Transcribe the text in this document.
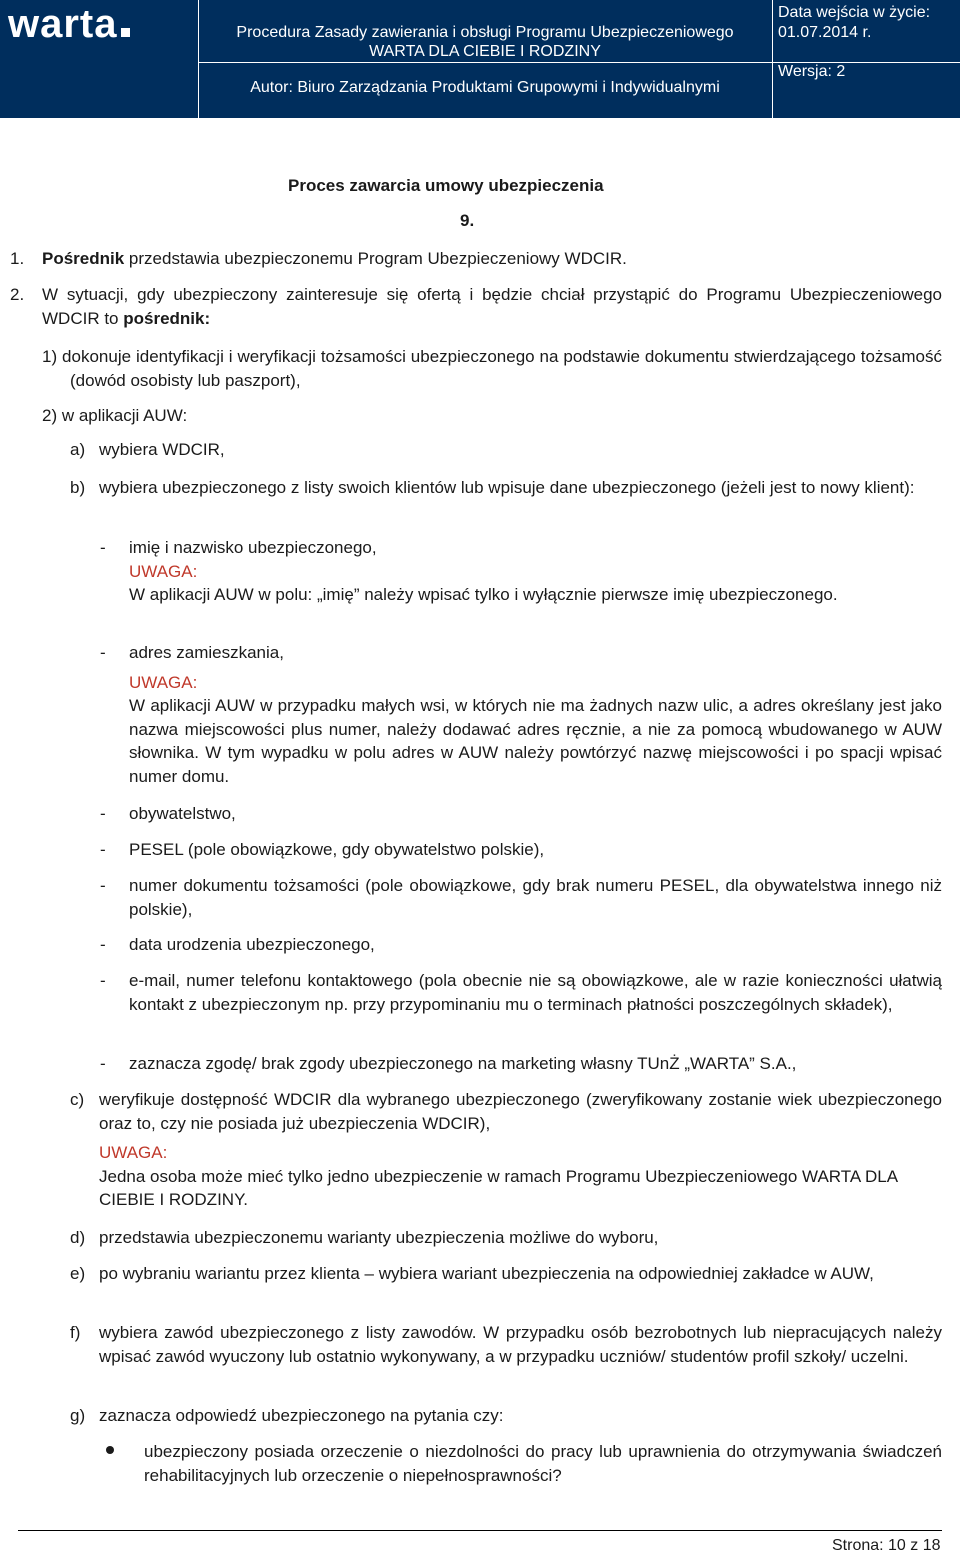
warta	Procedura Zasady zawierania i obsługi Programu Ubezpieczeniowego
WARTA DLA CIEBIE I RODZINY
Autor: Biuro Zarządzania Produktami Grupowymi i Indywidualnymi
Data wejścia w życie:
01.07.2014 r.
Wersja: 2
Proces zawarcia umowy ubezpieczenia
9.
1. Pośrednik przedstawia ubezpieczonemu Program Ubezpieczeniowy WDCIR.
2. W sytuacji, gdy ubezpieczony zainteresuje się ofertą i będzie chciał przystąpić do Programu Ubezpieczeniowego WDCIR to pośrednik:
1) dokonuje identyfikacji i weryfikacji tożsamości ubezpieczonego na podstawie dokumentu stwierdzającego tożsamość (dowód osobisty lub paszport),
2) w aplikacji AUW:
a) wybiera WDCIR,
b) wybiera ubezpieczonego z listy swoich klientów lub wpisuje dane ubezpieczonego (jeżeli jest to nowy klient):
- imię i nazwisko ubezpieczonego,
UWAGA:
W aplikacji AUW w polu: „imię” należy wpisać tylko i wyłącznie pierwsze imię ubezpieczonego.
- adres zamieszkania,
UWAGA:
W aplikacji AUW w przypadku małych wsi, w których nie ma żadnych nazw ulic, a adres określany jest jako nazwa miejscowości plus numer, należy dodawać adres ręcznie, a nie za pomocą wbudowanego w AUW słownika. W tym wypadku w polu adres w AUW należy powtórzyć nazwę miejscowości i po spacji wpisać numer domu.
- obywatelstwo,
- PESEL (pole obowiązkowe, gdy obywatelstwo polskie),
- numer dokumentu tożsamości (pole obowiązkowe, gdy brak numeru PESEL, dla obywatelstwa innego niż polskie),
- data urodzenia ubezpieczonego,
- e-mail, numer telefonu kontaktowego (pola obecnie nie są obowiązkowe, ale w razie konieczności ułatwią kontakt z ubezpieczonym np. przy przypominaniu mu o terminach płatności poszczególnych składek),
- zaznacza zgodę/ brak zgody ubezpieczonego na marketing własny TUnŻ „WARTA” S.A.,
c) weryfikuje dostępność WDCIR dla wybranego ubezpieczonego (zweryfikowany zostanie wiek ubezpieczonego oraz to, czy nie posiada już ubezpieczenia WDCIR),
UWAGA:
Jedna osoba może mieć tylko jedno ubezpieczenie w ramach Programu Ubezpieczeniowego WARTA DLA CIEBIE I RODZINY.
d) przedstawia ubezpieczonemu warianty ubezpieczenia możliwe do wyboru,
e) po wybraniu wariantu przez klienta – wybiera wariant ubezpieczenia na odpowiedniej zakładce w AUW,
f) wybiera zawód ubezpieczonego z listy zawodów. W przypadku osób bezrobotnych lub niepracujących należy wpisać zawód wyuczony lub ostatnio wykonywany, a w przypadku uczniów/ studentów profil szkoły/ uczelni.
g) zaznacza odpowiedź ubezpieczonego na pytania czy:
ubezpieczony posiada orzeczenie o niezdolności do pracy lub uprawnienia do otrzymywania świadczeń rehabilitacyjnych lub orzeczenie o niepełnosprawności?
Strona: 10 z 18
